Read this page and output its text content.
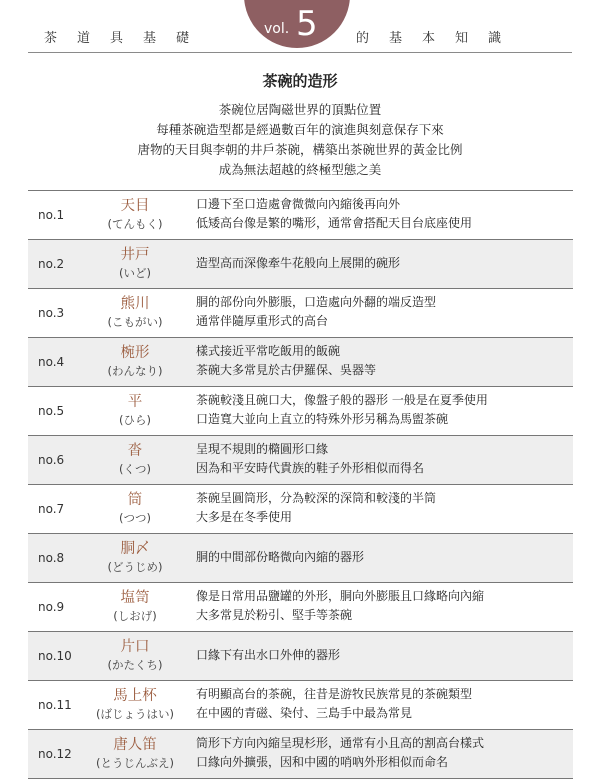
茶道具基礎
vol. 5	的基本知識
茶碗的造形
茶碗位居陶磁世界的頂點位置
每種茶碗造型都是經過數百年的演進與刻意保存下來
唐物的天目與李朝的井戶茶碗，構築出茶碗世界的黃金比例
成為無法超越的終極型態之美
no.1
天目
(てんもく)
口邊下至口造處會微微向內縮後再向外
低矮高台像是繁的嘴形，通常會搭配天目台底座使用
no.2
井戸
(いど)
造型高而深像牽牛花般向上展開的碗形
no.3
熊川
(こもがい)
胴的部份向外膨脹，口造處向外翻的端反造型
通常伴隨厚重形式的高台
no.4
椀形
(わんなり)
樣式接近平常吃飯用的飯碗
茶碗大多常見於古伊羅保、吳器等
no.5
平
(ひら)
茶碗較淺且碗口大，像盤子般的器形 一般是在夏季使用
口造寬大並向上直立的特殊外形另稱為馬盥茶碗
no.6
沓
(くつ)
呈現不規則的橢圓形口緣
因為和平安時代貴族的鞋子外形相似而得名
no.7
筒
(つつ)
茶碗呈圓筒形，分為較深的深筒和較淺的半筒
大多是在冬季使用
no.8
胴〆
(どうじめ)
胴的中間部份略微向內縮的器形
no.9
塩笥
(しおげ)
像是日常用品鹽罐的外形，胴向外膨脹且口緣略向內縮
大多常見於粉引、堅手等茶碗
no.10
片口
(かたくち)
口緣下有出水口外伸的器形
no.11
馬上杯
(ばじょうはい)
有明顯高台的茶碗，往昔是游牧民族常見的茶碗類型
在中國的青磁、染付、三島手中最為常見
no.12
唐人笛
(とうじんぶえ)
筒形下方向內縮呈現杉形，通常有小且高的割高台樣式
口緣向外擴張，因和中國的哨吶外形相似而命名
